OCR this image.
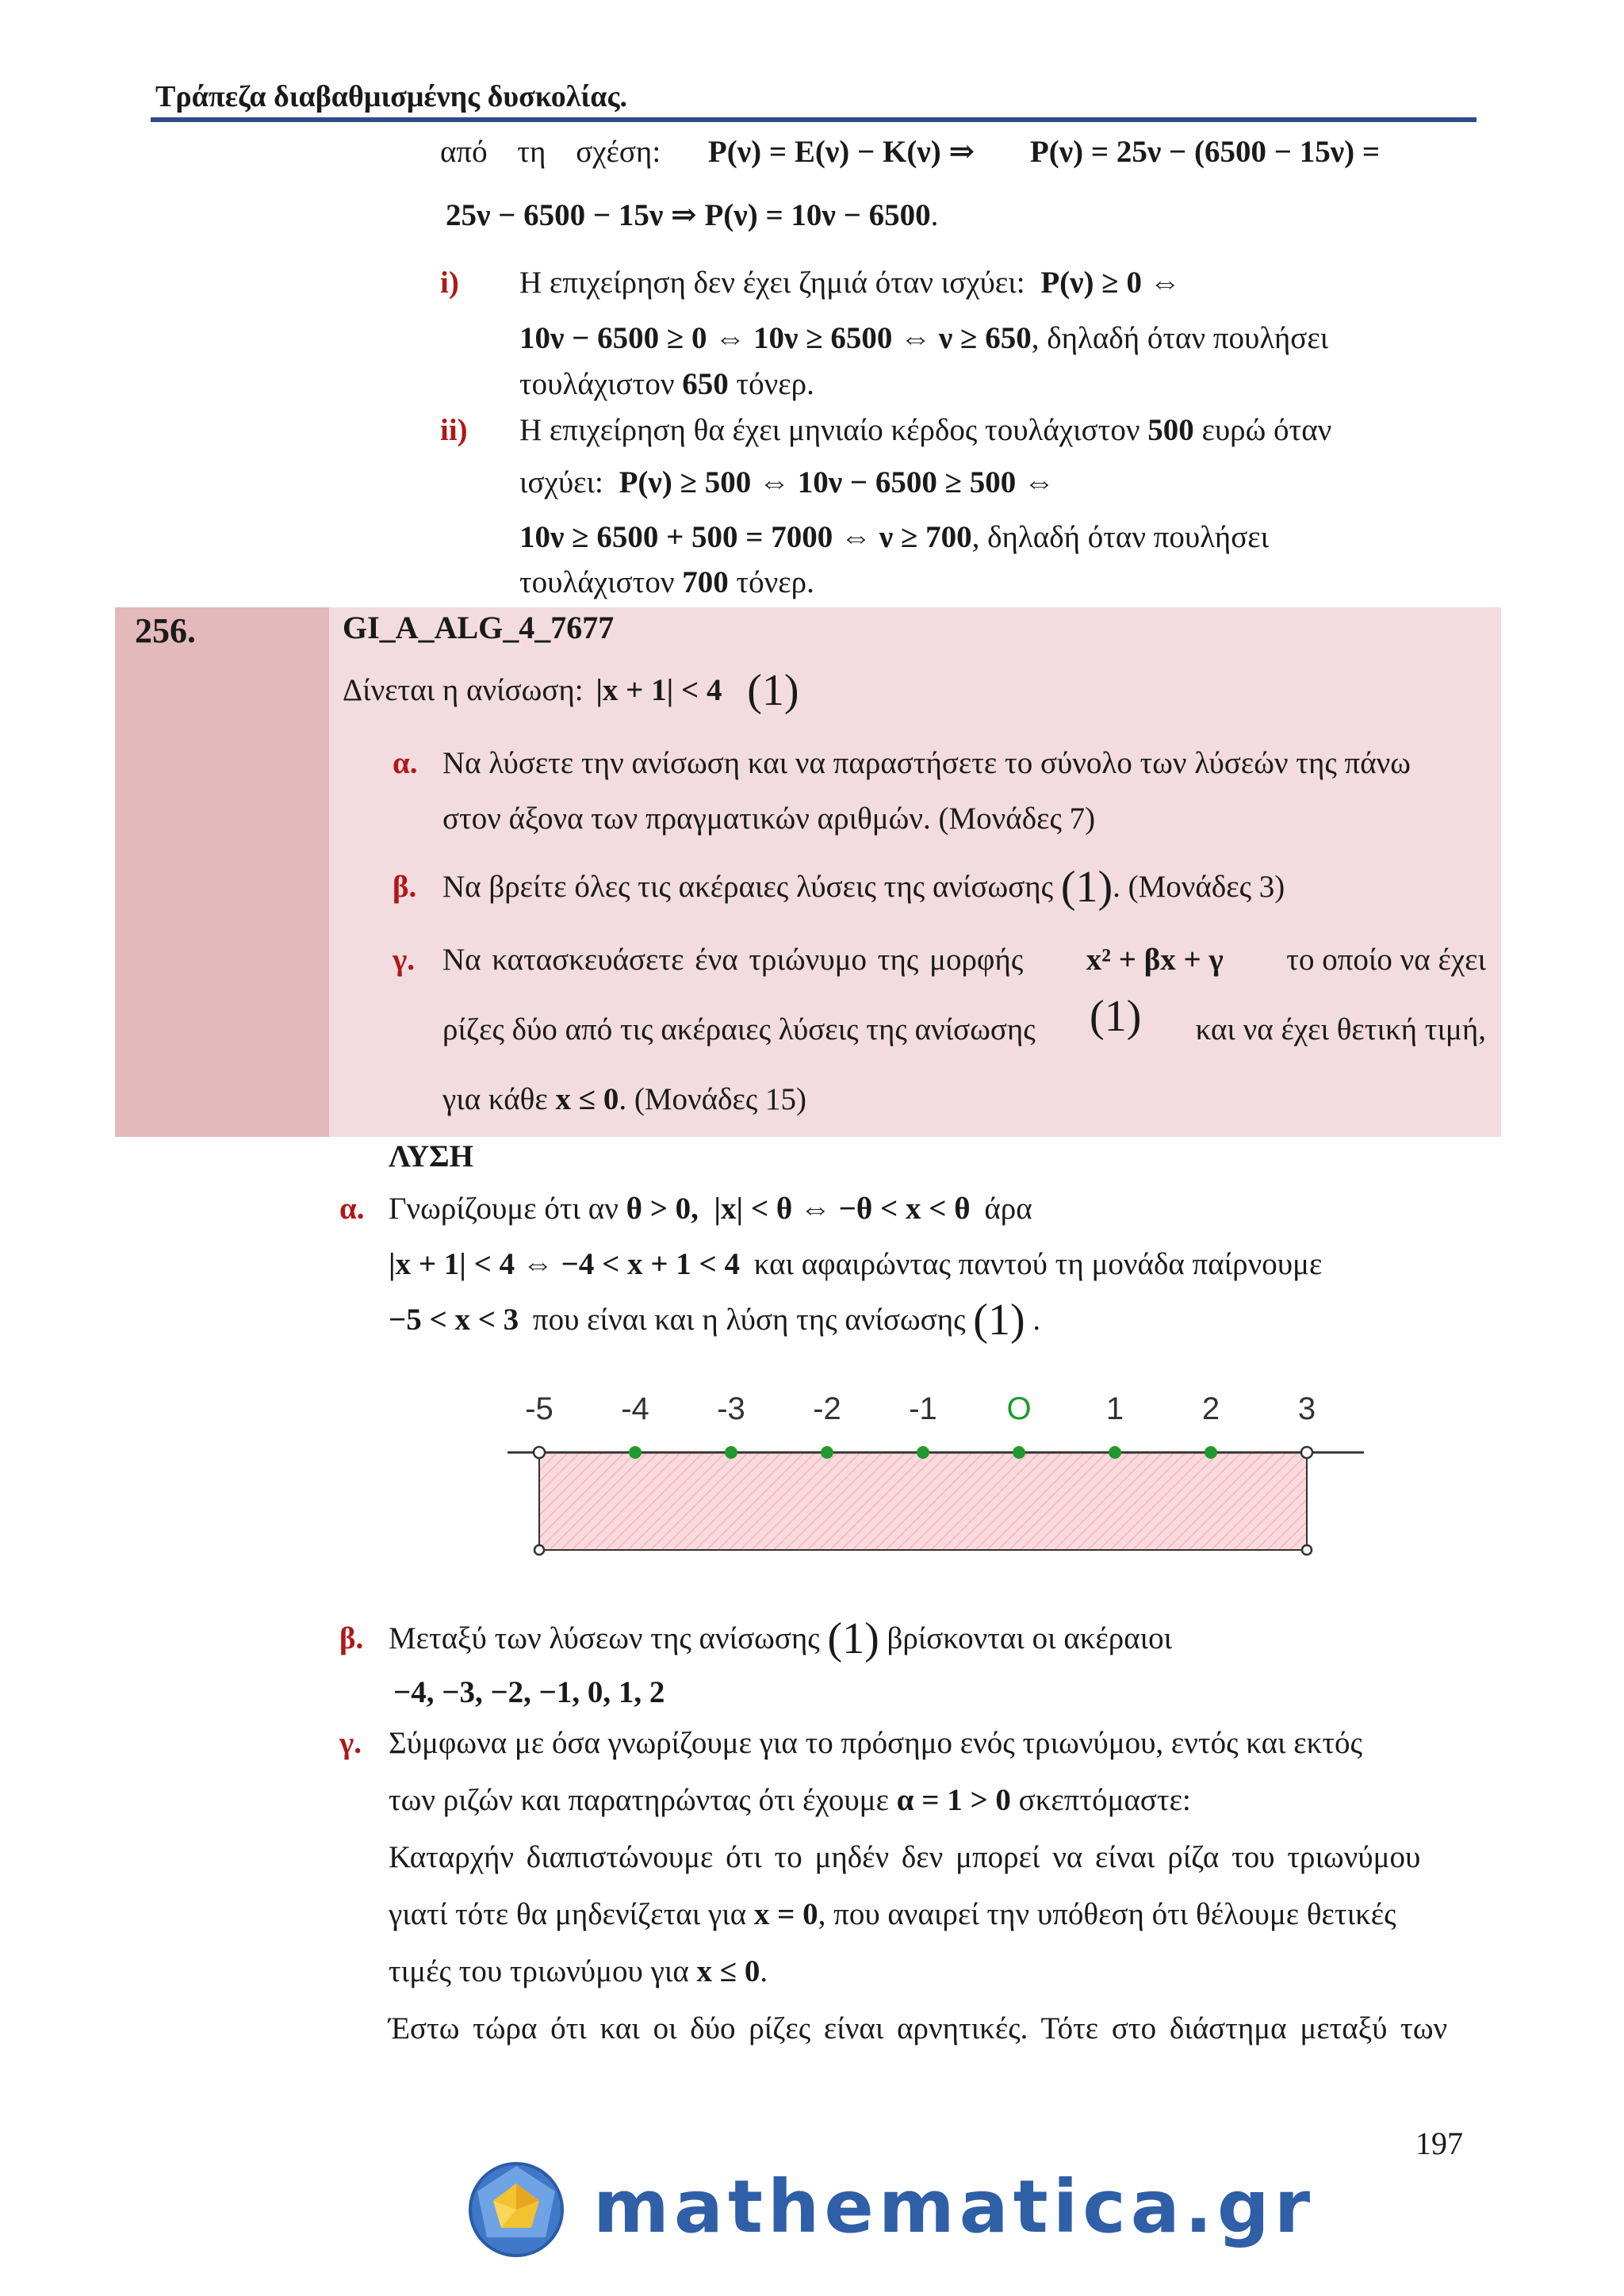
Τράπεζα διαβαθμισμένης δυσκολίας.
από τη σχέση: P(ν) = E(ν) − K(ν) ⇒ P(ν) = 25ν − (6500 − 15ν) =
25ν − 6500 − 15ν ⇒ P(ν) = 10ν − 6500.
i) Η επιχείρηση δεν έχει ζημιά όταν ισχύει: P(ν) ≥ 0 ⇔
10ν − 6500 ≥ 0 ⇔ 10ν ≥ 6500 ⇔ ν ≥ 650, δηλαδή όταν πουλήσει
τουλάχιστον 650 τόνερ.
ii) Η επιχείρηση θα έχει μηνιαίο κέρδος τουλάχιστον 500 ευρώ όταν
ισχύει: P(ν) ≥ 500 ⇔ 10ν − 6500 ≥ 500 ⇔
10ν ≥ 6500 + 500 = 7000 ⇔ ν ≥ 700, δηλαδή όταν πουλήσει
τουλάχιστον 700 τόνερ.
256.	GI_A_ALG_4_7677
Δίνεται η ανίσωση: |x + 1| < 4 (1)
α. Να λύσετε την ανίσωση και να παραστήσετε το σύνολο των λύσεών της πάνω
στον άξονα των πραγματικών αριθμών. (Μονάδες 7)
β. Να βρείτε όλες τις ακέραιες λύσεις της ανίσωσης (1). (Μονάδες 3)
γ. Να κατασκευάσετε ένα τριώνυμο της μορφής x² + βx + γ το οποίο να έχει
ρίζες δύο από τις ακέραιες λύσεις της ανίσωσης (1) και να έχει θετική τιμή,
για κάθε x ≤ 0. (Μονάδες 15)
ΛΥΣΗ
α. Γνωρίζουμε ότι αν θ > 0,  |x| < θ ⇔ −θ < x < θ άρα
|x + 1| < 4 ⇔ −4 < x + 1 < 4 και αφαιρώντας παντού τη μονάδα παίρνουμε
−5 < x < 3 που είναι και η λύση της ανίσωσης (1) .
-5 -4 -3 -2 -1 O 1 2 3
β. Μεταξύ των λύσεων της ανίσωσης (1) βρίσκονται οι ακέραιοι
−4, −3, −2, −1, 0, 1, 2
γ. Σύμφωνα με όσα γνωρίζουμε για το πρόσημο ενός τριωνύμου, εντός και εκτός
των ριζών και παρατηρώντας ότι έχουμε α = 1 > 0 σκεπτόμαστε:
Καταρχήν διαπιστώνουμε ότι το μηδέν δεν μπορεί να είναι ρίζα του τριωνύμου
γιατί τότε θα μηδενίζεται για x = 0, που αναιρεί την υπόθεση ότι θέλουμε θετικές
τιμές του τριωνύμου για x ≤ 0.
Έστω τώρα ότι και οι δύο ρίζες είναι αρνητικές. Τότε στο διάστημα μεταξύ των
197
mathematica.gr
